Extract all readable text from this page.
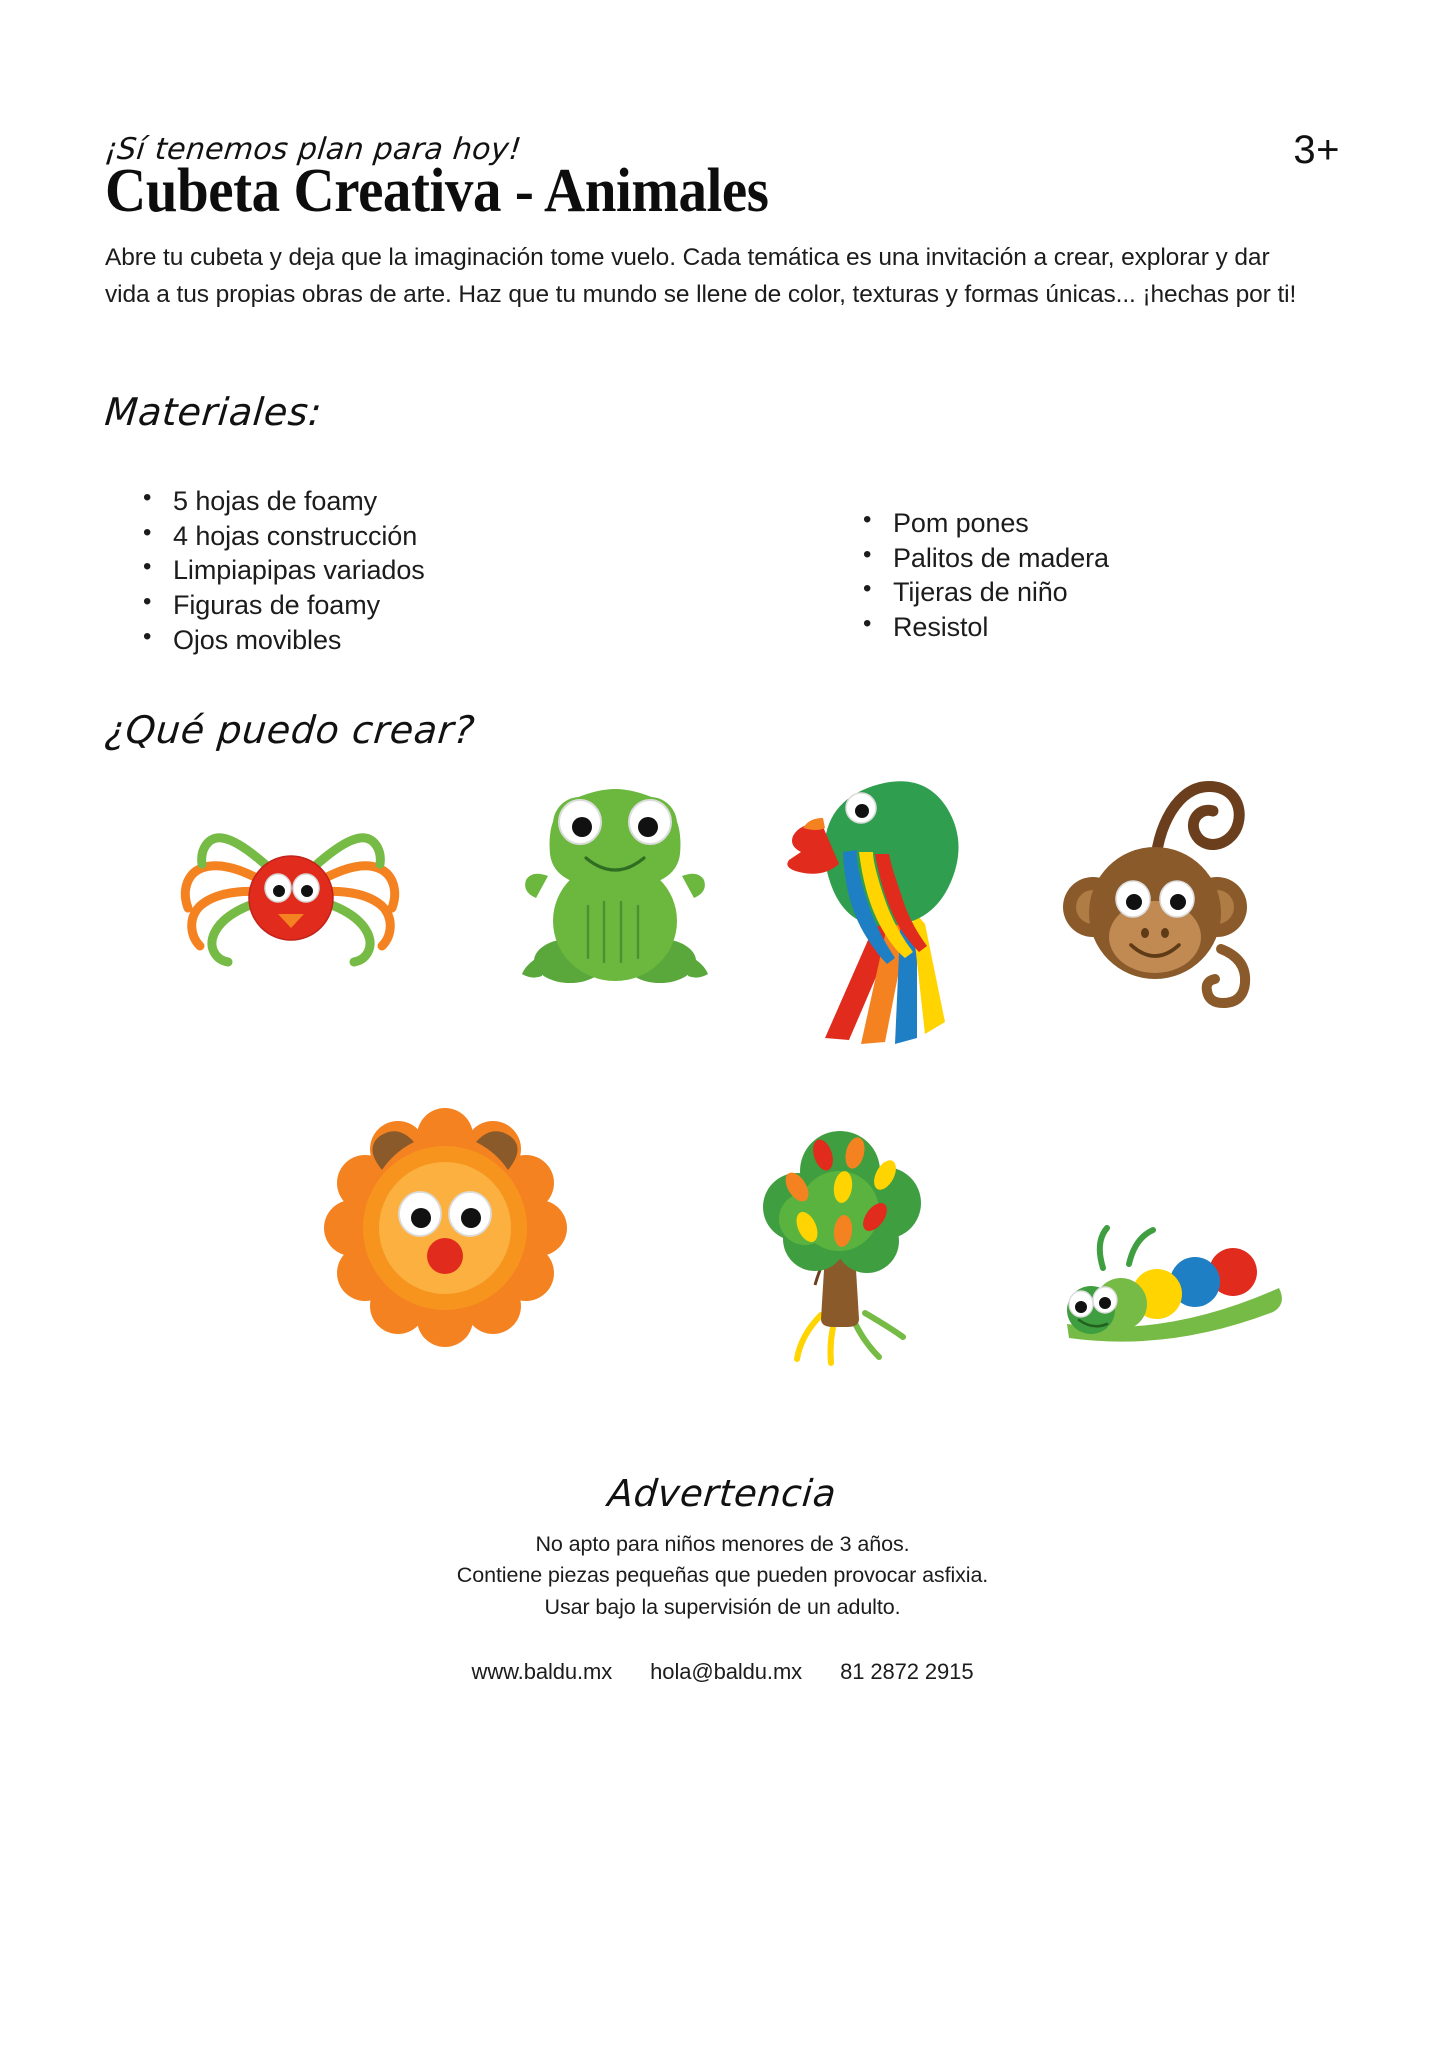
¡Sí tenemos plan para hoy!	3+
Cubeta Creativa - Animales

Abre tu cubeta y deja que la imaginación tome vuelo. Cada temática es una invitación a crear, explorar y dar vida a tus propias obras de arte. Haz que tu mundo se llene de color, texturas y formas únicas... ¡hechas por ti!

Materiales:
• 5 hojas de foamy
• 4 hojas construcción
• Limpiapipas variados
• Figuras de foamy
• Ojos movibles
• Pom pones
• Palitos de madera
• Tijeras de niño
• Resistol
¿Qué puedo crear?
Advertencia
No apto para niños menores de 3 años.
Contiene piezas pequeñas que pueden provocar asfixia.
Usar bajo la supervisión de un adulto.
www.baldu.mx hola@baldu.mx 81 2872 2915
